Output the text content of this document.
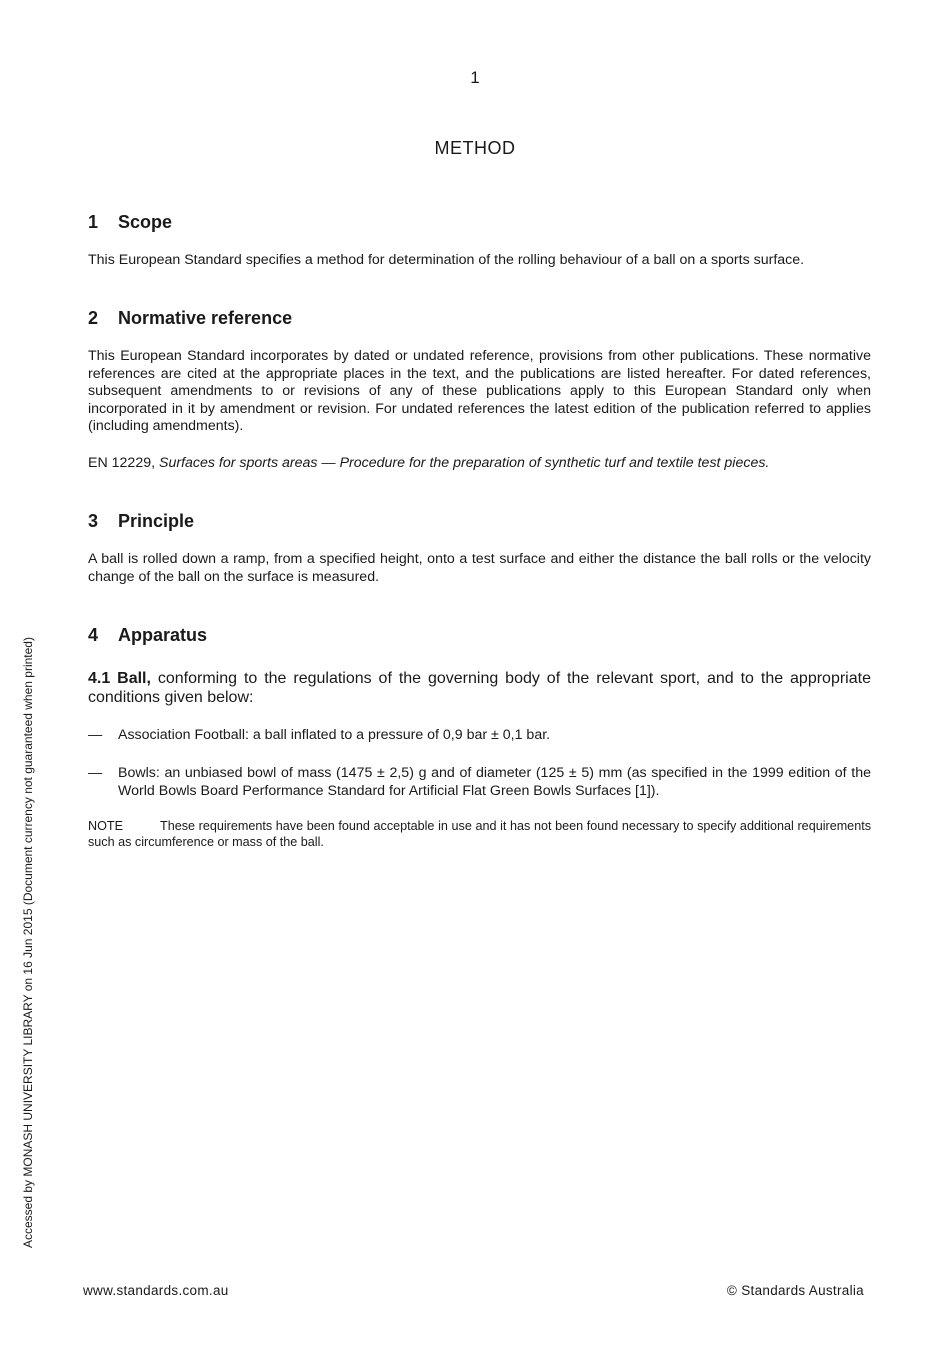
1
METHOD
1 Scope

This European Standard specifies a method for determination of the rolling behaviour of a ball on a sports surface.

2 Normative reference

This European Standard incorporates by dated or undated reference, provisions from other publications. These normative references are cited at the appropriate places in the text, and the publications are listed hereafter. For dated references, subsequent amendments to or revisions of any of these publications apply to this European Standard only when incorporated in it by amendment or revision. For undated references the latest edition of the publication referred to applies (including amendments).

EN 12229, Surfaces for sports areas — Procedure for the preparation of synthetic turf and textile test pieces.

3 Principle

A ball is rolled down a ramp, from a specified height, onto a test surface and either the distance the ball rolls or the velocity change of the ball on the surface is measured.

4 Apparatus

4.1 Ball, conforming to the regulations of the governing body of the relevant sport, and to the appropriate conditions given below:

— Association Football: a ball inflated to a pressure of 0,9 bar ± 0,1 bar.
— Bowls: an unbiased bowl of mass (1475 ± 2,5) g and of diameter (125 ± 5) mm (as specified in the 1999 edition of the World Bowls Board Performance Standard for Artificial Flat Green Bowls Surfaces [1]).

NOTE	These requirements have been found acceptable in use and it has not been found necessary to specify additional requirements such as circumference or mass of the ball.

www.standards.com.au	© Standards Australia
Accessed by MONASH UNIVERSITY LIBRARY on 16 Jun 2015 (Document currency not guaranteed when printed)
